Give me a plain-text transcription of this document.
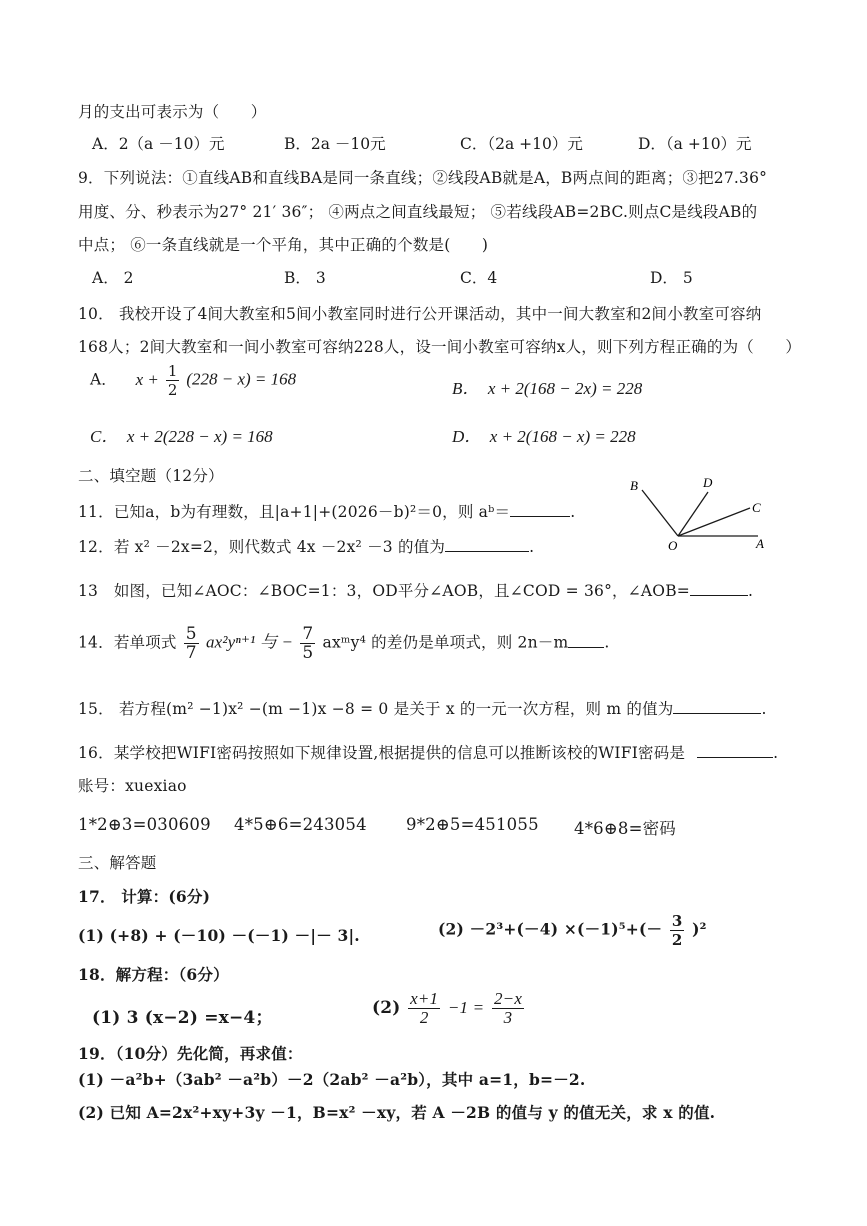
月的支出可表示为（　　）
A．2（a －10）元	B．2a －10元	C．（2a +10）元	D．（a +10）元
9．下列说法：①直线AB和直线BA是同一条直线；②线段AB就是A，B两点间的距离；③把27.36°
用度、分、秒表示为27° 21′ 36″； ④两点之间直线最短； ⑤若线段AB=2BC.则点C是线段AB的
中点； ⑥一条直线就是一个平角，其中正确的个数是(　　)
A． 2	B． 3	C．4	D． 5
10． 我校开设了4间大教室和5间小教室同时进行公开课活动，其中一间大教室和2间小教室可容纳
168人；2间大教室和一间小教室可容纳228人，设一间小教室可容纳x人，则下列方程正确的为（　　）
A． $x + \frac{1}{2} (228 - x) = 168$	B．　x + 2(168 − 2x) = 228
C．　x + 2(228 − x) = 168	D．　x + 2(168 − x) = 228
二、填空题（12分）
B	D
C
O	A
11．已知a，b为有理数，且|a+1|+(2026－b)²＝0，则 aᵇ＝	.
12．若 x² －2x=2，则代数式 4x －2x² －3 的值为	.
13　如图，已知∠AOC：∠BOC=1：3，OD平分∠AOB，且∠COD = 36°，∠AOB=	.
14．若单项式 $\frac{5}{7} ax^2y^{n+1}$ 与 − $\frac{7}{5}$ axᵐy⁴ 的差仍是单项式，则 2n－m .
15． 若方程(m² −1)x² −(m −1)x −8 = 0 是关于 x 的一元一次方程，则 m 的值为	.
16．某学校把WIFI密码按照如下规律设置,根据提供的信息可以推断该校的WIFI密码是	.
账号：xuexiao
1*2⊕3=030609 4*5⊕6=243054 9*2⊕5=451055 4*6⊕8=密码
三、解答题
17． 计算：(6分)
(1) (+8) + (－10) －(－1) －|－ 3|.	$(2) -2^3+(-4) \times(-1)^5+(- \frac{3}{2} )^2$
18．解方程：（6分）
(1) 3 (x−2) =x−4；	$(2) \frac{x+1}{2} -1 = \frac{2-x}{3}$
19．（10分）先化简，再求值：
(1) －a²b+（3ab² －a²b）－2（2ab² －a²b），其中 a=1，b=－2.
(2) 已知 A=2x²+xy+3y －1，B=x² －xy，若 A －2B 的值与 y 的值无关，求 x 的值.
